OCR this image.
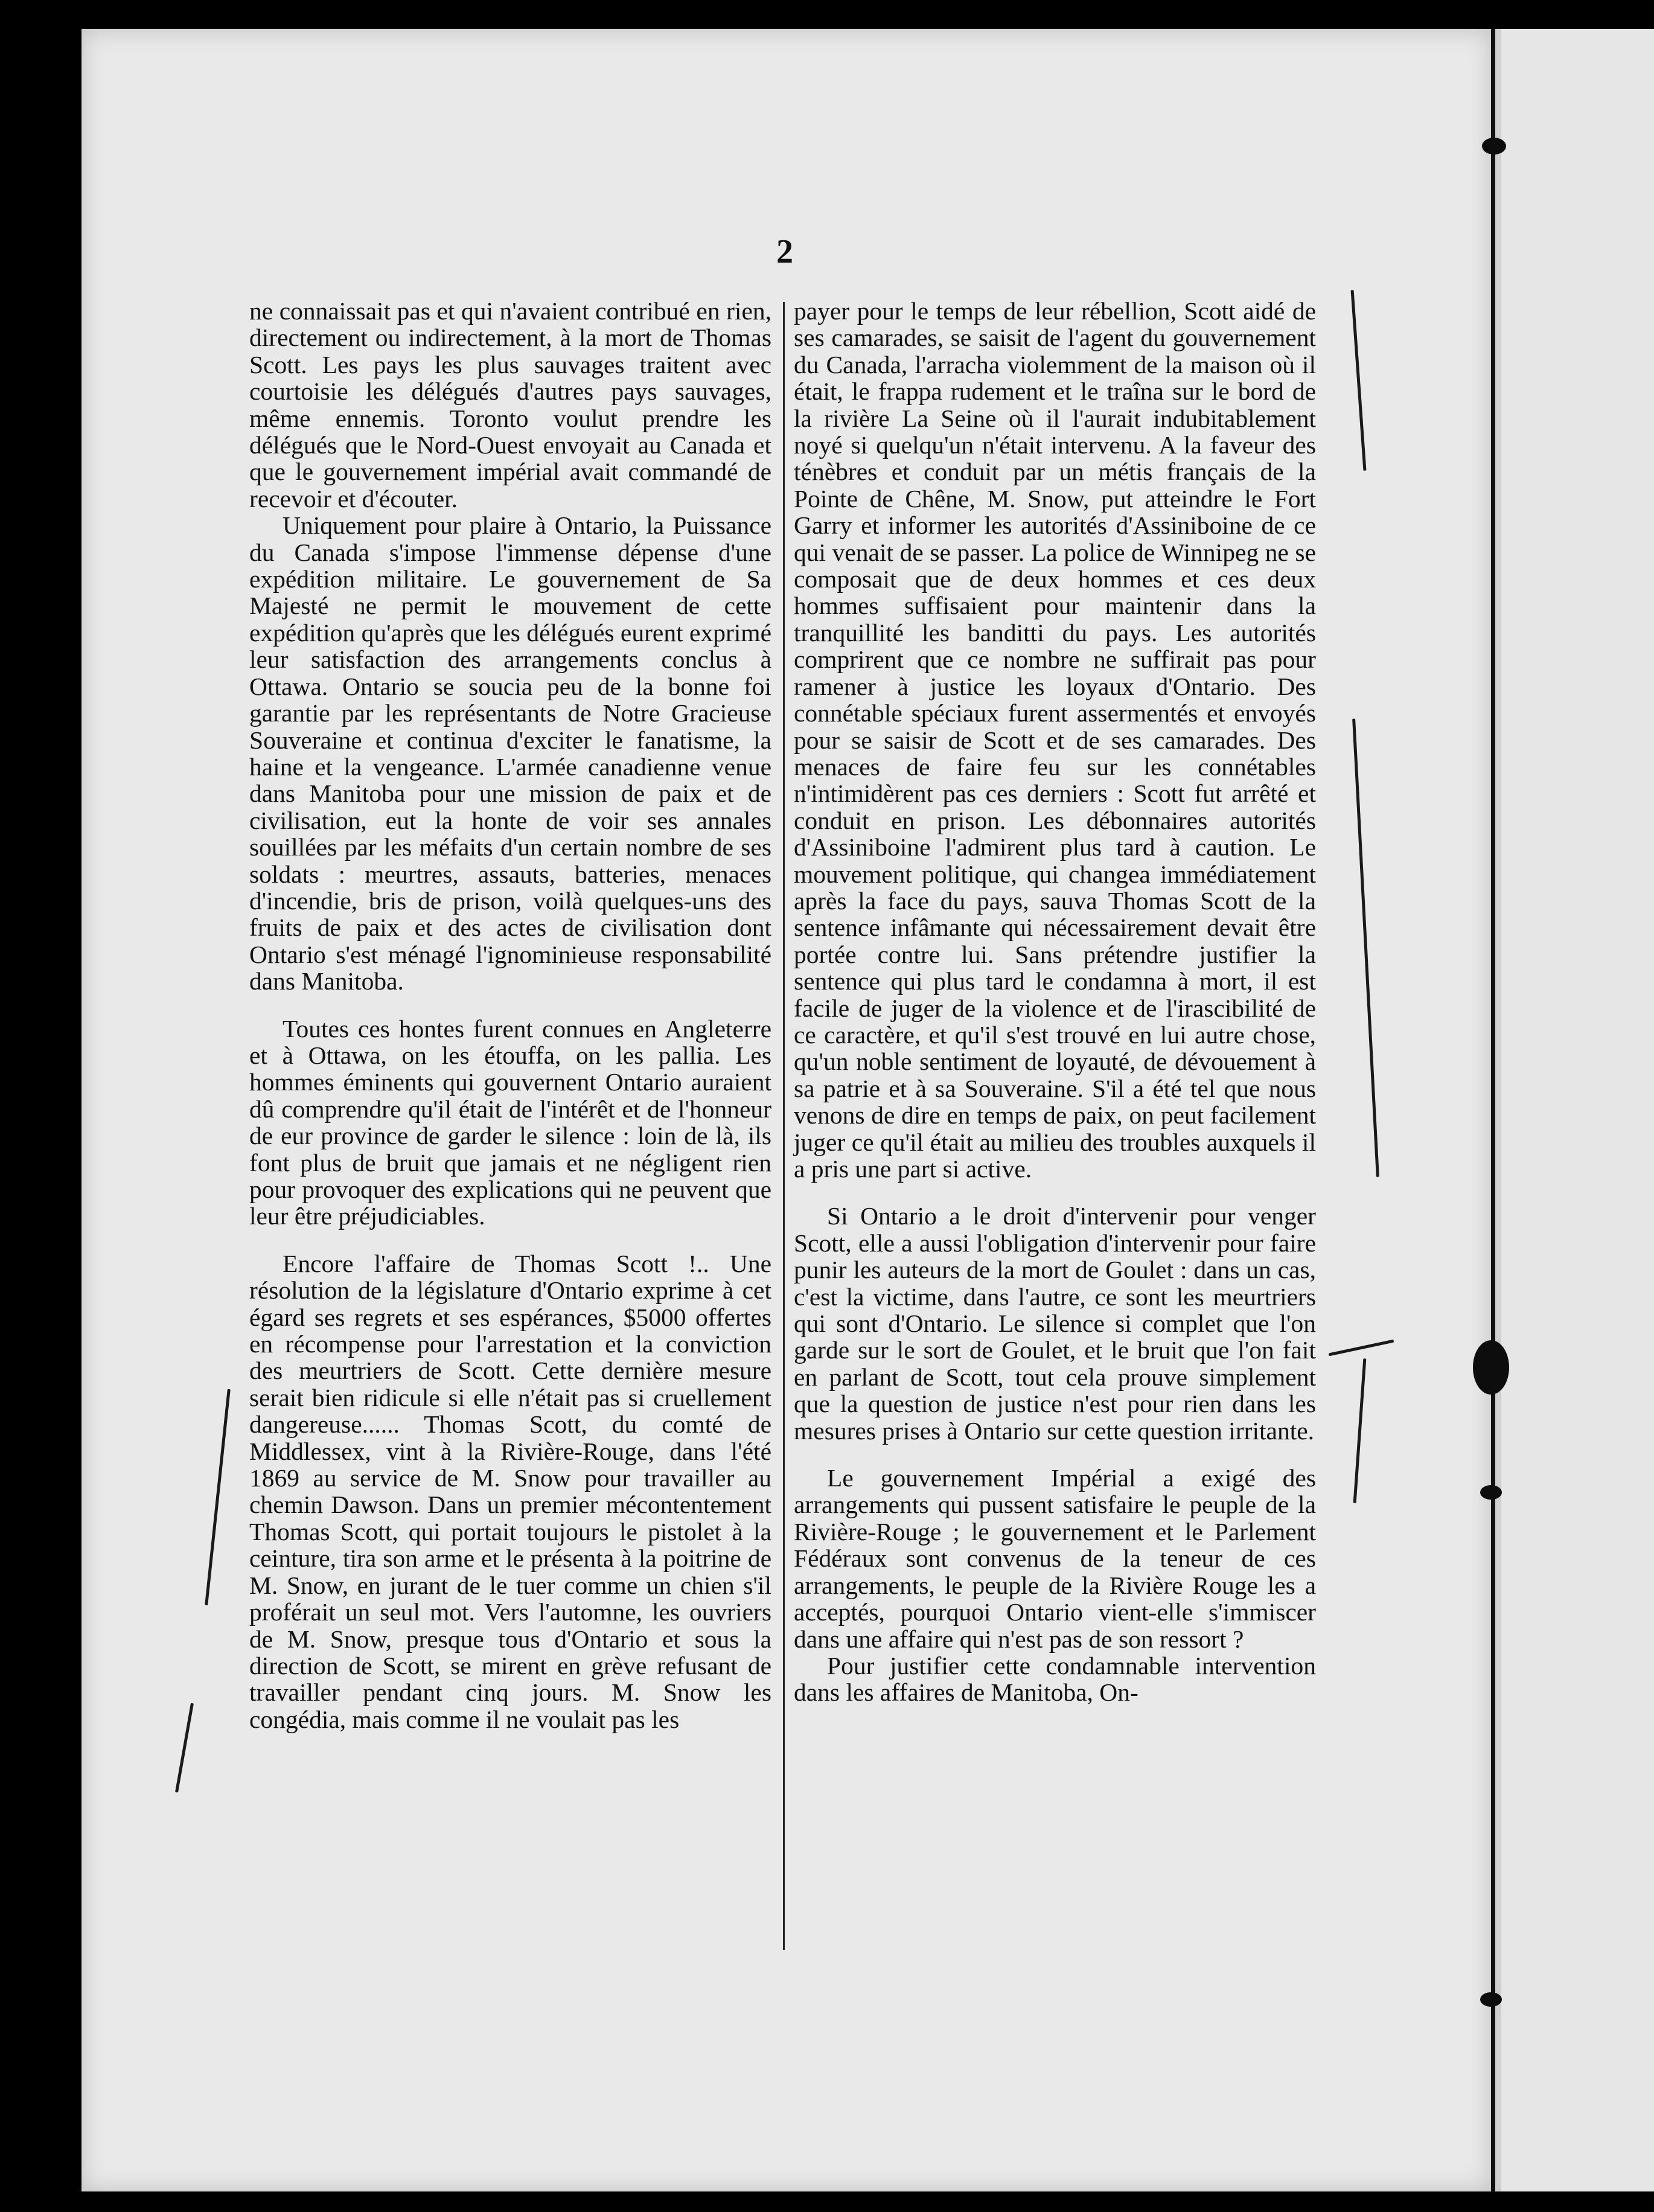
2

ne connaissait pas et qui n'avaient contribué en rien, directement ou indirectement, à la mort de Thomas Scott. Les pays les plus sauvages traitent avec courtoisie les délégués d'autres pays sauvages, même ennemis. Toronto voulut prendre les délégués que le Nord-Ouest envoyait au Canada et que le gouvernement impérial avait commandé de recevoir et d'écouter.

Uniquement pour plaire à Ontario, la Puissance du Canada s'impose l'immense dépense d'une expédition militaire. Le gouvernement de Sa Majesté ne permit le mouvement de cette expédition qu'après que les délégués eurent exprimé leur satisfaction des arrangements conclus à Ottawa. Ontario se soucia peu de la bonne foi garantie par les représentants de Notre Gracieuse Souveraine et continua d'exciter le fanatisme, la haine et la vengeance. L'armée canadienne venue dans Manitoba pour une mission de paix et de civilisation, eut la honte de voir ses annales souillées par les méfaits d'un certain nombre de ses soldats : meurtres, assauts, batteries, menaces d'incendie, bris de prison, voilà quelques-uns des fruits de paix et des actes de civilisation dont Ontario s'est ménagé l'ignominieuse responsabilité dans Manitoba.

Toutes ces hontes furent connues en Angleterre et à Ottawa, on les étouffa, on les pallia. Les hommes éminents qui gouvernent Ontario auraient dû comprendre qu'il était de l'intérêt et de l'honneur de eur province de garder le silence : loin de là, ils font plus de bruit que jamais et ne négligent rien pour provoquer des explications qui ne peuvent que leur être préjudiciables.

Encore l'affaire de Thomas Scott !.. Une résolution de la législature d'Ontario exprime à cet égard ses regrets et ses espérances, $5000 offertes en récompense pour l'arrestation et la conviction des meurtriers de Scott. Cette dernière mesure serait bien ridicule si elle n'était pas si cruellement dangereuse...... Thomas Scott, du comté de Middlessex, vint à la Rivière-Rouge, dans l'été 1869 au service de M. Snow pour travailler au chemin Dawson. Dans un premier mécontentement Thomas Scott, qui portait toujours le pistolet à la ceinture, tira son arme et le présenta à la poitrine de M. Snow, en jurant de le tuer comme un chien s'il proférait un seul mot. Vers l'automne, les ouvriers de M. Snow, presque tous d'Ontario et sous la direction de Scott, se mirent en grève refusant de travailler pendant cinq jours. M. Snow les congédia, mais comme il ne voulait pas les

payer pour le temps de leur rébellion, Scott aidé de ses camarades, se saisit de l'agent du gouvernement du Canada, l'arracha violemment de la maison où il était, le frappa rudement et le traîna sur le bord de la rivière La Seine où il l'aurait indubitablement noyé si quelqu'un n'était intervenu. A la faveur des ténèbres et conduit par un métis français de la Pointe de Chêne, M. Snow, put atteindre le Fort Garry et informer les autorités d'Assiniboine de ce qui venait de se passer. La police de Winnipeg ne se composait que de deux hommes et ces deux hommes suffisaient pour maintenir dans la tranquillité les banditti du pays. Les autorités comprirent que ce nombre ne suffirait pas pour ramener à justice les loyaux d'Ontario. Des connétable spéciaux furent assermentés et envoyés pour se saisir de Scott et de ses camarades. Des menaces de faire feu sur les connétables n'intimidèrent pas ces derniers : Scott fut arrêté et conduit en prison. Les débonnaires autorités d'Assiniboine l'admirent plus tard à caution. Le mouvement politique, qui changea immédiatement après la face du pays, sauva Thomas Scott de la sentence infâmante qui nécessairement devait être portée contre lui. Sans prétendre justifier la sentence qui plus tard le condamna à mort, il est facile de juger de la violence et de l'irascibilité de ce caractère, et qu'il s'est trouvé en lui autre chose, qu'un noble sentiment de loyauté, de dévouement à sa patrie et à sa Souveraine. S'il a été tel que nous venons de dire en temps de paix, on peut facilement juger ce qu'il était au milieu des troubles auxquels il a pris une part si active.

Si Ontario a le droit d'intervenir pour venger Scott, elle a aussi l'obligation d'intervenir pour faire punir les auteurs de la mort de Goulet : dans un cas, c'est la victime, dans l'autre, ce sont les meurtriers qui sont d'Ontario. Le silence si complet que l'on garde sur le sort de Goulet, et le bruit que l'on fait en parlant de Scott, tout cela prouve simplement que la question de justice n'est pour rien dans les mesures prises à Ontario sur cette question irritante.

Le gouvernement Impérial a exigé des arrangements qui pussent satisfaire le peuple de la Rivière-Rouge ; le gouvernement et le Parlement Fédéraux sont convenus de la teneur de ces arrangements, le peuple de la Rivière Rouge les a acceptés, pourquoi Ontario vient-elle s'immiscer dans une affaire qui n'est pas de son ressort ?

Pour justifier cette condamnable intervention dans les affaires de Manitoba, On-
